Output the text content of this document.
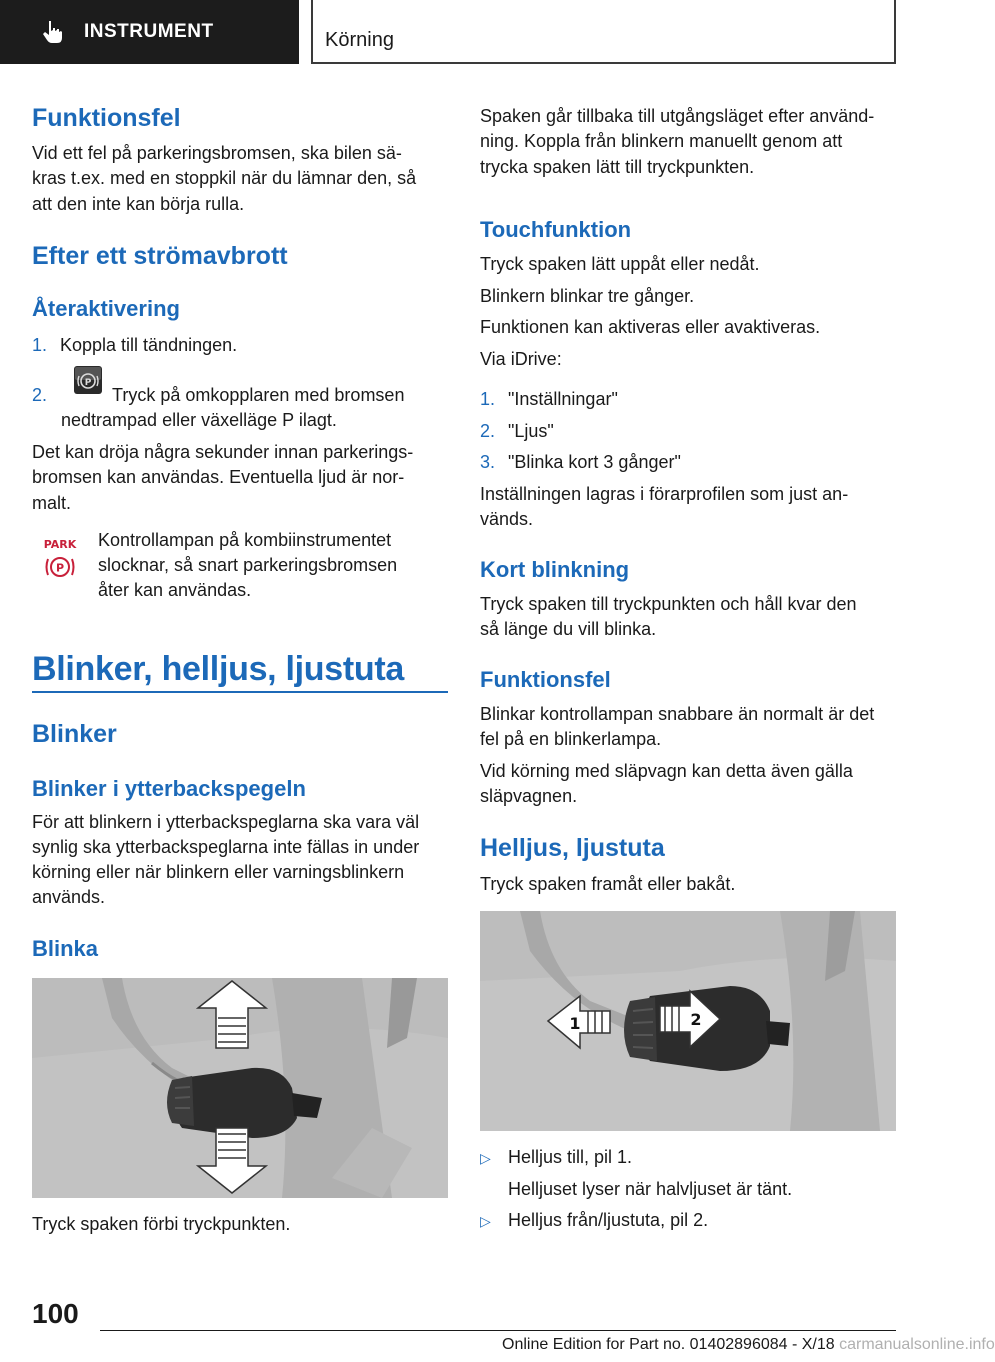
INSTRUMENT	Körning
Funktionsfel
Vid ett fel på parkeringsbromsen, ska bilen sä-
kras t.ex. med en stoppkil när du lämnar den, så
att den inte kan börja rulla.
Efter ett strömavbrott
Återaktivering
1. Koppla till tändningen.
2.
P
Tryck på omkopplaren med bromsen
nedtrampad eller växelläge P ilagt.
Det kan dröja några sekunder innan parkerings-
bromsen kan användas. Eventuella ljud är nor-
malt.
PARK
P
Kontrollampan på kombiinstrumentet
slocknar, så snart parkeringsbromsen
åter kan användas.
Blinker, helljus, ljustuta
Blinker
Blinker i ytterbackspegeln
För att blinkern i ytterbackspeglarna ska vara väl
synlig ska ytterbackspeglarna inte fällas in under
körning eller när blinkern eller varningsblinkern
används.
Blinka
Tryck spaken förbi tryckpunkten.
Spaken går tillbaka till utgångsläget efter använd-
ning. Koppla från blinkern manuellt genom att
trycka spaken lätt till tryckpunkten.
Touchfunktion
Tryck spaken lätt uppåt eller nedåt.
Blinkern blinkar tre gånger.
Funktionen kan aktiveras eller avaktiveras.
Via iDrive:
1. "Inställningar"
2. "Ljus"
3. "Blinka kort 3 gånger"
Inställningen lagras i förarprofilen som just an-
vänds.
Kort blinkning
Tryck spaken till tryckpunkten och håll kvar den
så länge du vill blinka.
Funktionsfel
Blinkar kontrollampan snabbare än normalt är det
fel på en blinkerlampa.
Vid körning med släpvagn kan detta även gälla
släpvagnen.
Helljus, ljustuta
Tryck spaken framåt eller bakåt.
1	2
▷ Helljus till, pil 1.
Helljuset lyser när halvljuset är tänt.
▷ Helljus från/ljustuta, pil 2.
100
Online Edition for Part no. 01402896084 - X/18 carmanualsonline.info
